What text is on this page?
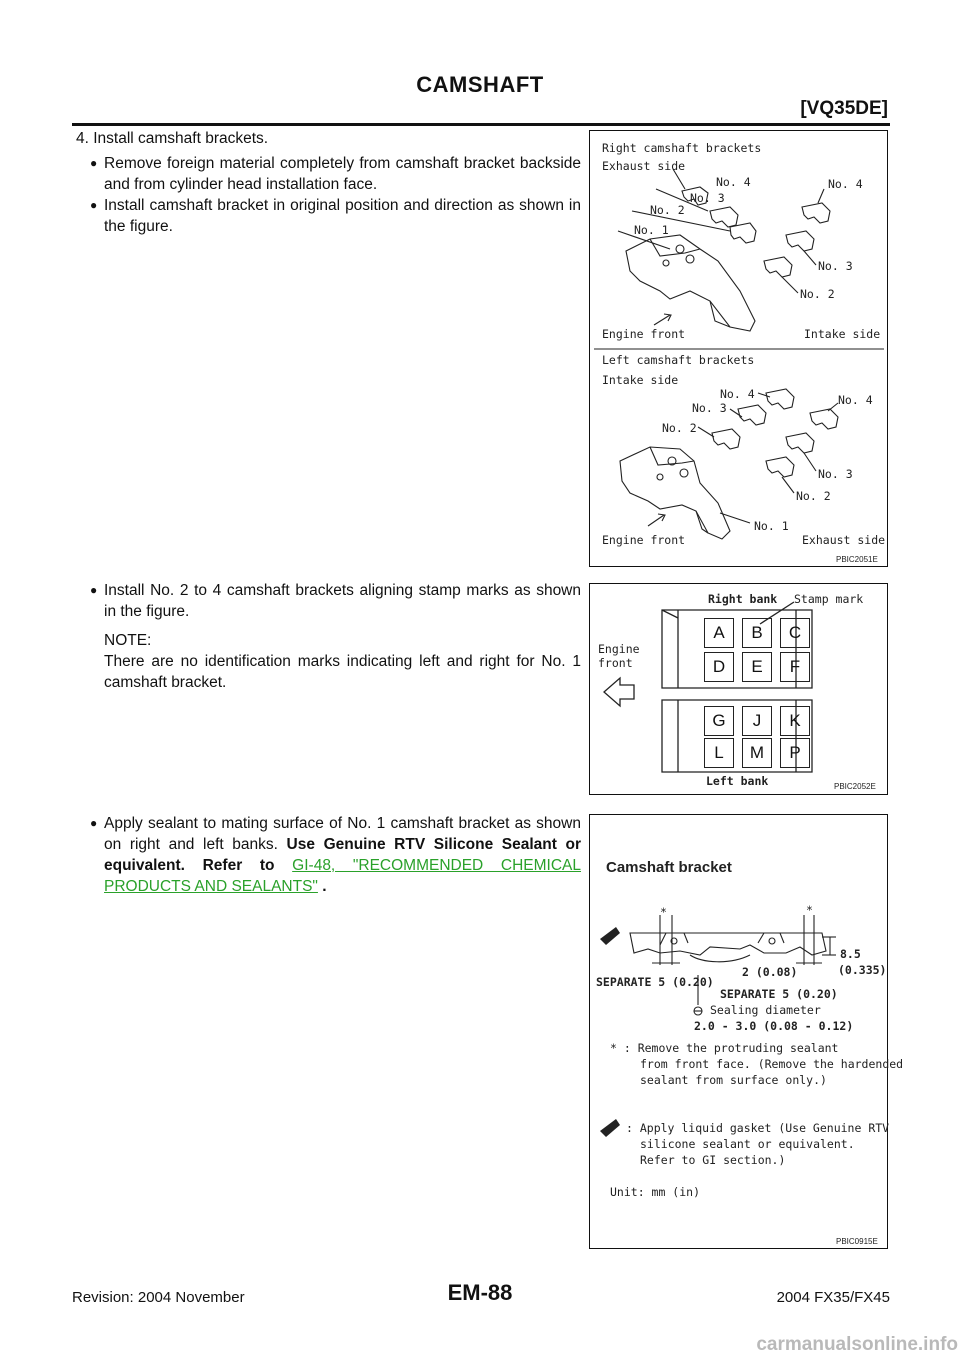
CAMSHAFT
[VQ35DE]
4. Install camshaft brackets.
● Remove foreign material completely from camshaft bracket backside and from cylinder head installation face.
● Install camshaft bracket in original position and direction as shown in the figure.
● Install No. 2 to 4 camshaft brackets aligning stamp marks as shown in the figure.
NOTE:
There are no identification marks indicating left and right for No. 1 camshaft bracket.
● Apply sealant to mating surface of No. 1 camshaft bracket as shown on right and left banks. Use Genuine RTV Silicone Sealant or equivalent. Refer to GI-48, "RECOMMENDED CHEMICAL PRODUCTS AND SEALANTS" .
Right camshaft brackets
Exhaust side
No. 4
No. 3
No. 2
No. 1
No. 4
No. 3
No. 2
Engine front	Intake side
Left camshaft brackets
Intake side
No. 4
No. 3
No. 2
No. 4
No. 3
No. 2
No. 1
Engine front	Exhaust side
PBIC2051E
Right bank Stamp mark
Engine front
A	B	C
D	E	F
G	J	K
L	M	P
Left bank	PBIC2052E
Camshaft bracket
*	*
8.5
(0.335)
2 (0.08)
SEPARATE 5 (0.20)
SEPARATE 5 (0.20)
Sealing diameter
2.0 - 3.0 (0.08 - 0.12)
* : Remove the protruding sealant
from front face. (Remove the hardended
sealant from surface only.)
: Apply liquid gasket (Use Genuine RTV
silicone sealant or equivalent.
Refer to GI section.)
Unit: mm (in)
PBIC0915E
Revision: 2004 November	EM-88	2004 FX35/FX45
carmanualsonline.info
